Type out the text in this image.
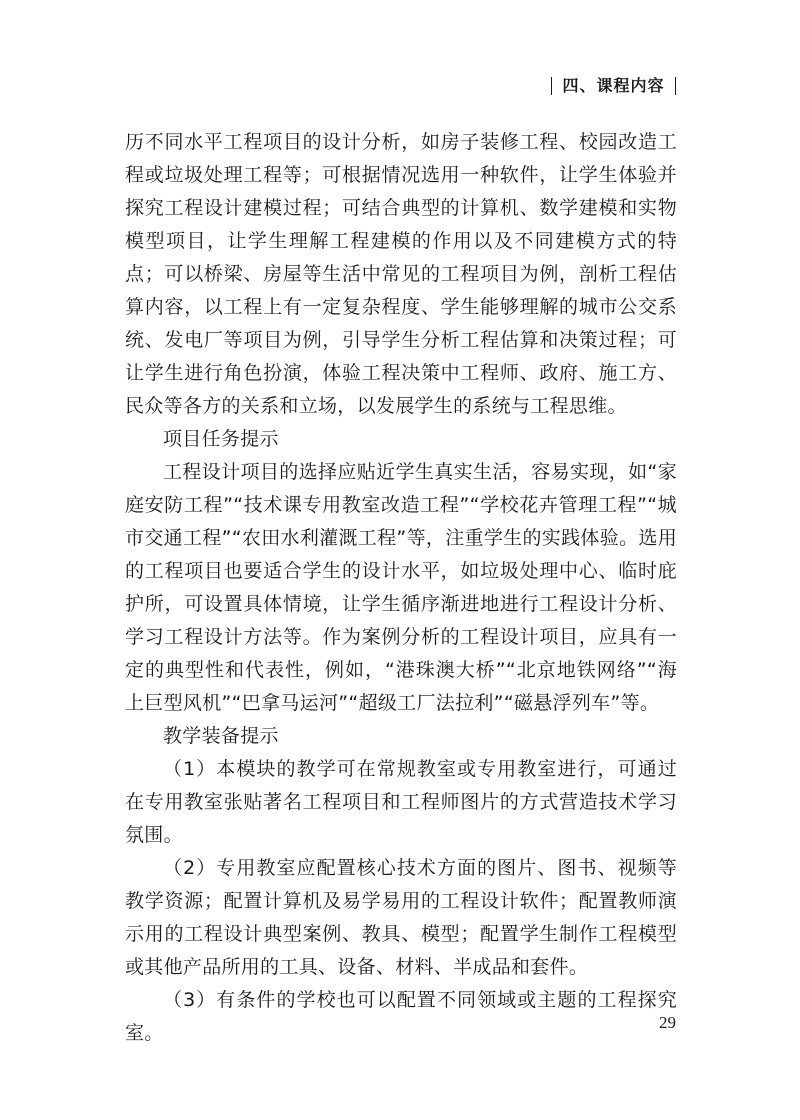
四、课程内容

历不同水平工程项目的设计分析，如房子装修工程、校园改造工程或垃圾处理工程等；可根据情况选用一种软件，让学生体验并探究工程设计建模过程；可结合典型的计算机、数学建模和实物模型项目，让学生理解工程建模的作用以及不同建模方式的特点；可以桥梁、房屋等生活中常见的工程项目为例，剖析工程估算内容，以工程上有一定复杂程度、学生能够理解的城市公交系统、发电厂等项目为例，引导学生分析工程估算和决策过程；可让学生进行角色扮演，体验工程决策中工程师、政府、施工方、民众等各方的关系和立场，以发展学生的系统与工程思维。

项目任务提示

工程设计项目的选择应贴近学生真实生活，容易实现，如“家庭安防工程”“技术课专用教室改造工程”“学校花卉管理工程”“城市交通工程”“农田水利灌溉工程”等，注重学生的实践体验。选用的工程项目也要适合学生的设计水平，如垃圾处理中心、临时庇护所，可设置具体情境，让学生循序渐进地进行工程设计分析、学习工程设计方法等。作为案例分析的工程设计项目，应具有一定的典型性和代表性，例如，“港珠澳大桥”“北京地铁网络”“海上巨型风机”“巴拿马运河”“超级工厂法拉利”“磁悬浮列车”等。

教学装备提示

（1）本模块的教学可在常规教室或专用教室进行，可通过在专用教室张贴著名工程项目和工程师图片的方式营造技术学习氛围。

（2）专用教室应配置核心技术方面的图片、图书、视频等教学资源；配置计算机及易学易用的工程设计软件；配置教师演示用的工程设计典型案例、教具、模型；配置学生制作工程模型或其他产品所用的工具、设备、材料、半成品和套件。

（3）有条件的学校也可以配置不同领域或主题的工程探究室。	29
